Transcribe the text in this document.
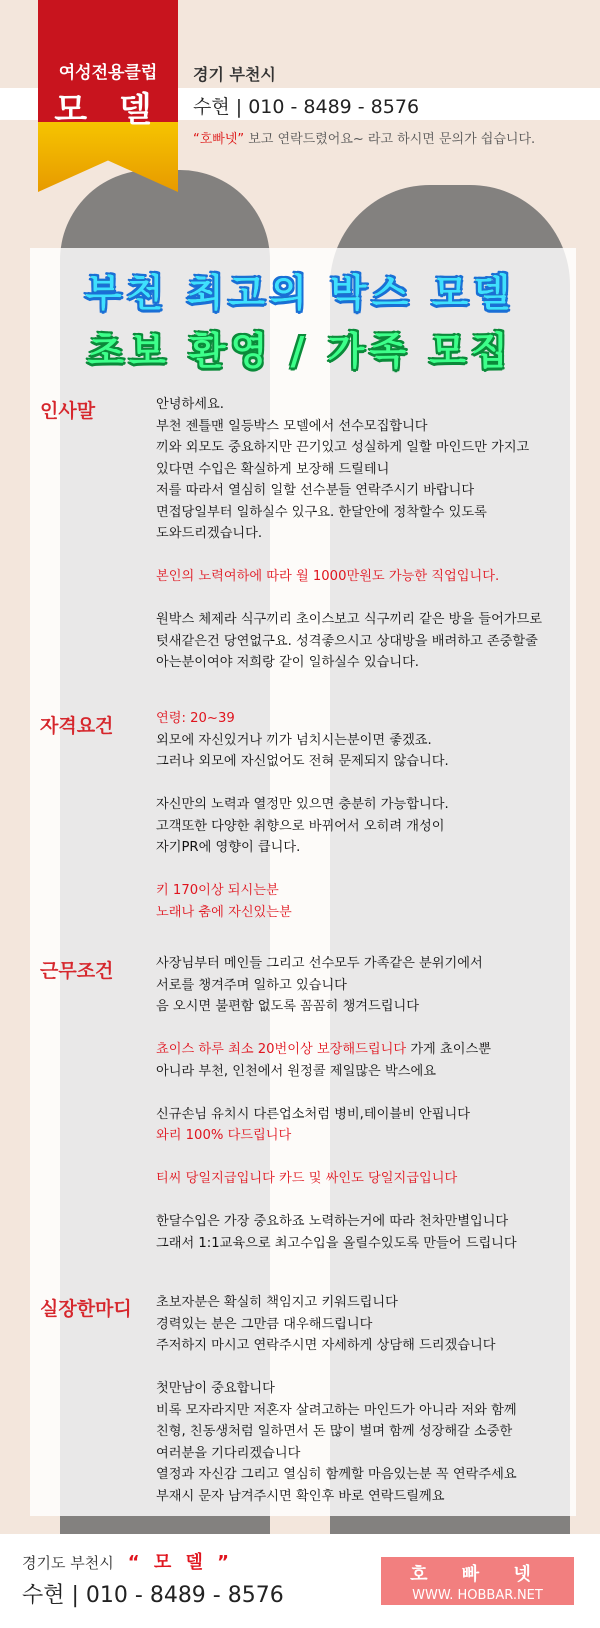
여성전용클럽
모 델
경기 부천시
수현 | 010 - 8489 - 8576
“호빠넷” 보고 연락드렸어요~ 라고 하시면 문의가 쉽습니다.
부천 최고의 박스 모델
초보 환영 / 가족 모집
인사말	안녕하세요.
부천 젠틀맨 일등박스 모델에서 선수모집합니다
끼와 외모도 중요하지만 끈기있고 성실하게 일할 마인드만 가지고
있다면 수입은 확실하게 보장해 드릴테니
저를 따라서 열심히 일할 선수분들 연락주시기 바랍니다
면접당일부터 일하실수 있구요. 한달안에 정착할수 있도록
도와드리겠습니다.
본인의 노력여하에 따라 월 1000만원도 가능한 직업입니다.
원박스 체제라 식구끼리 초이스보고 식구끼리 같은 방을 들어가므로
텃새같은건 당연없구요. 성격좋으시고 상대방을 배려하고 존중할줄
아는분이여야 저희랑 같이 일하실수 있습니다.
자격요건	연령: 20~39
외모에 자신있거나 끼가 넘치시는분이면 좋겠죠.
그러나 외모에 자신없어도 전혀 문제되지 않습니다.
자신만의 노력과 열정만 있으면 충분히 가능합니다.
고객또한 다양한 취향으로 바뀌어서 오히려 개성이
자기PR에 영향이 큽니다.
키 170이상 되시는분
노래나 춤에 자신있는분
근무조건	사장님부터 메인들 그리고 선수모두 가족같은 분위기에서
서로를 챙겨주며 일하고 있습니다
음 오시면 불편함 없도록 꼼꼼히 챙겨드립니다
쵸이스 하루 최소 20번이상 보장해드립니다 가게 쵸이스뿐
아니라 부천, 인천에서 원정콜 제일많은 박스에요
신규손님 유치시 다른업소처럼 병비,테이블비 안핍니다
와리 100% 다드립니다
티씨 당일지급입니다 카드 및 싸인도 당일지급입니다
한달수입은 가장 중요하죠 노력하는거에 따라 천차만별입니다
그래서 1:1교육으로 최고수입을 올릴수있도록 만들어 드립니다
실장한마디 초보자분은 확실히 책임지고 키워드립니다
경력있는 분은 그만큼 대우해드립니다
주저하지 마시고 연락주시면 자세하게 상담해 드리겠습니다
첫만남이 중요합니다
비록 모자라지만 저혼자 살려고하는 마인드가 아니라 저와 함께
친형, 친동생처럼 일하면서 돈 많이 벌며 함께 성장해갈 소중한
여러분을 기다리겠습니다
열정과 자신감 그리고 열심히 함께할 마음있는분 꼭 연락주세요
부재시 문자 남겨주시면 확인후 바로 연락드릴께요
경기도 부천시 “ 모 델 ”
수현 | 010 - 8489 - 8576
호 빠 넷
WWW. HOBBAR.NET
